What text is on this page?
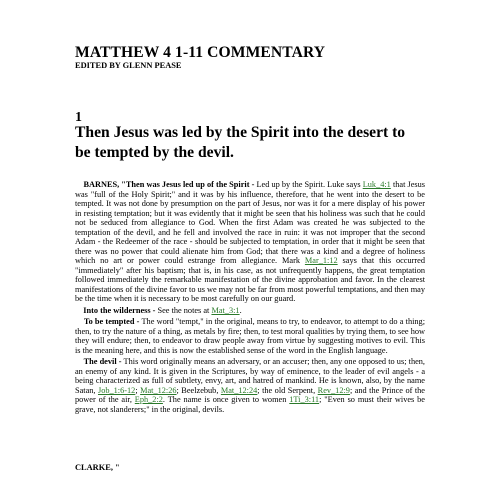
MATTHEW 4 1-11 COMMENTARY
EDITED BY GLENN PEASE
1
Then Jesus was led by the Spirit into the desert to be tempted by the devil.

BARNES, "Then was Jesus led up of the Spirit - Led up by the Spirit. Luke says Luk_4:1 that Jesus was "full of the Holy Spirit;" and it was by his influence, therefore, that he went into the desert to be tempted. It was not done by presumption on the part of Jesus, nor was it for a mere display of his power in resisting temptation; but it was evidently that it might be seen that his holiness was such that he could not be seduced from allegiance to God. When the first Adam was created he was subjected to the temptation of the devil, and he fell and involved the race in ruin: it was not improper that the second Adam - the Redeemer of the race - should be subjected to temptation, in order that it might be seen that there was no power that could alienate him from God; that there was a kind and a degree of holiness which no art or power could estrange from allegiance. Mark Mar_1:12 says that this occurred "immediately" after his baptism; that is, in his case, as not unfrequently happens, the great temptation followed immediately the remarkable manifestation of the divine approbation and favor. In the clearest manifestations of the divine favor to us we may not be far from most powerful temptations, and then may be the time when it is necessary to be most carefully on our guard.

Into the wilderness - See the notes at Mat_3:1.

To be tempted - The word "tempt," in the original, means to try, to endeavor, to attempt to do a thing; then, to try the nature of a thing, as metals by fire; then, to test moral qualities by trying them, to see how they will endure; then, to endeavor to draw people away from virtue by suggesting motives to evil. This is the meaning here, and this is now the established sense of the word in the English language.

The devil - This word originally means an adversary, or an accuser; then, any one opposed to us; then, an enemy of any kind. It is given in the Scriptures, by way of eminence, to the leader of evil angels - a being characterized as full of subtlety, envy, art, and hatred of mankind. He is known, also, by the name Satan, Job_1:6-12; Mat_12:26; Beelzebub, Mat_12:24; the old Serpent, Rev_12:9; and the Prince of the power of the air, Eph_2:2. The name is once given to women 1Ti_3:11; "Even so must their wives be grave, not slanderers;" in the original, devils.

CLARKE, "
